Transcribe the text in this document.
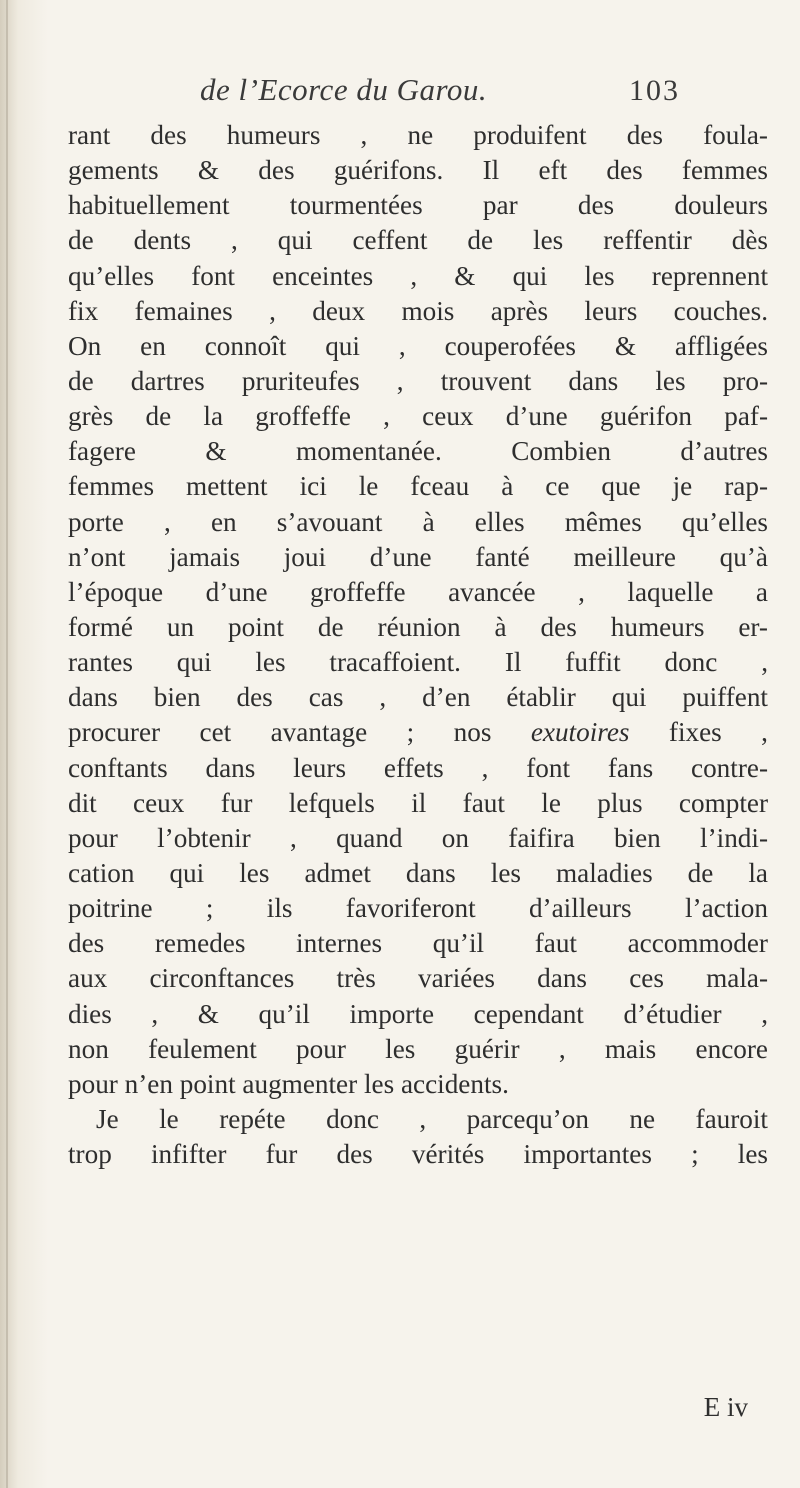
de l’Ecorce du Garou.	103
rant des humeurs , ne produifent des foula-
gements & des guérifons. Il eft des femmes
habituellement tourmentées par des douleurs
de dents , qui ceffent de les reffentir dès
qu’elles font enceintes , & qui les reprennent
fix femaines , deux mois après leurs couches.
On en connoît qui , couperofées & affligées
de dartres pruriteufes , trouvent dans les pro-
grès de la groffeffe , ceux d’une guérifon paf-
fagere & momentanée. Combien d’autres
femmes mettent ici le fceau à ce que je rap-
porte , en s’avouant à elles mêmes qu’elles
n’ont jamais joui d’une fanté meilleure qu’à
l’époque d’une groffeffe avancée , laquelle a
formé un point de réunion à des humeurs er-
rantes qui les tracaffoient. Il fuffit donc ,
dans bien des cas , d’en établir qui puiffent
procurer cet avantage ; nos exutoires fixes ,
conftants dans leurs effets , font fans contre-
dit ceux fur lefquels il faut le plus compter
pour l’obtenir , quand on faifira bien l’indi-
cation qui les admet dans les maladies de la
poitrine ; ils favoriferont d’ailleurs l’action
des remedes internes qu’il faut accommoder
aux circonftances très variées dans ces mala-
dies , & qu’il importe cependant d’étudier ,
non feulement pour les guérir , mais encore
pour n’en point augmenter les accidents.
Je le repéte donc , parcequ’on ne fauroit
trop infifter fur des vérités importantes ; les
E iv
